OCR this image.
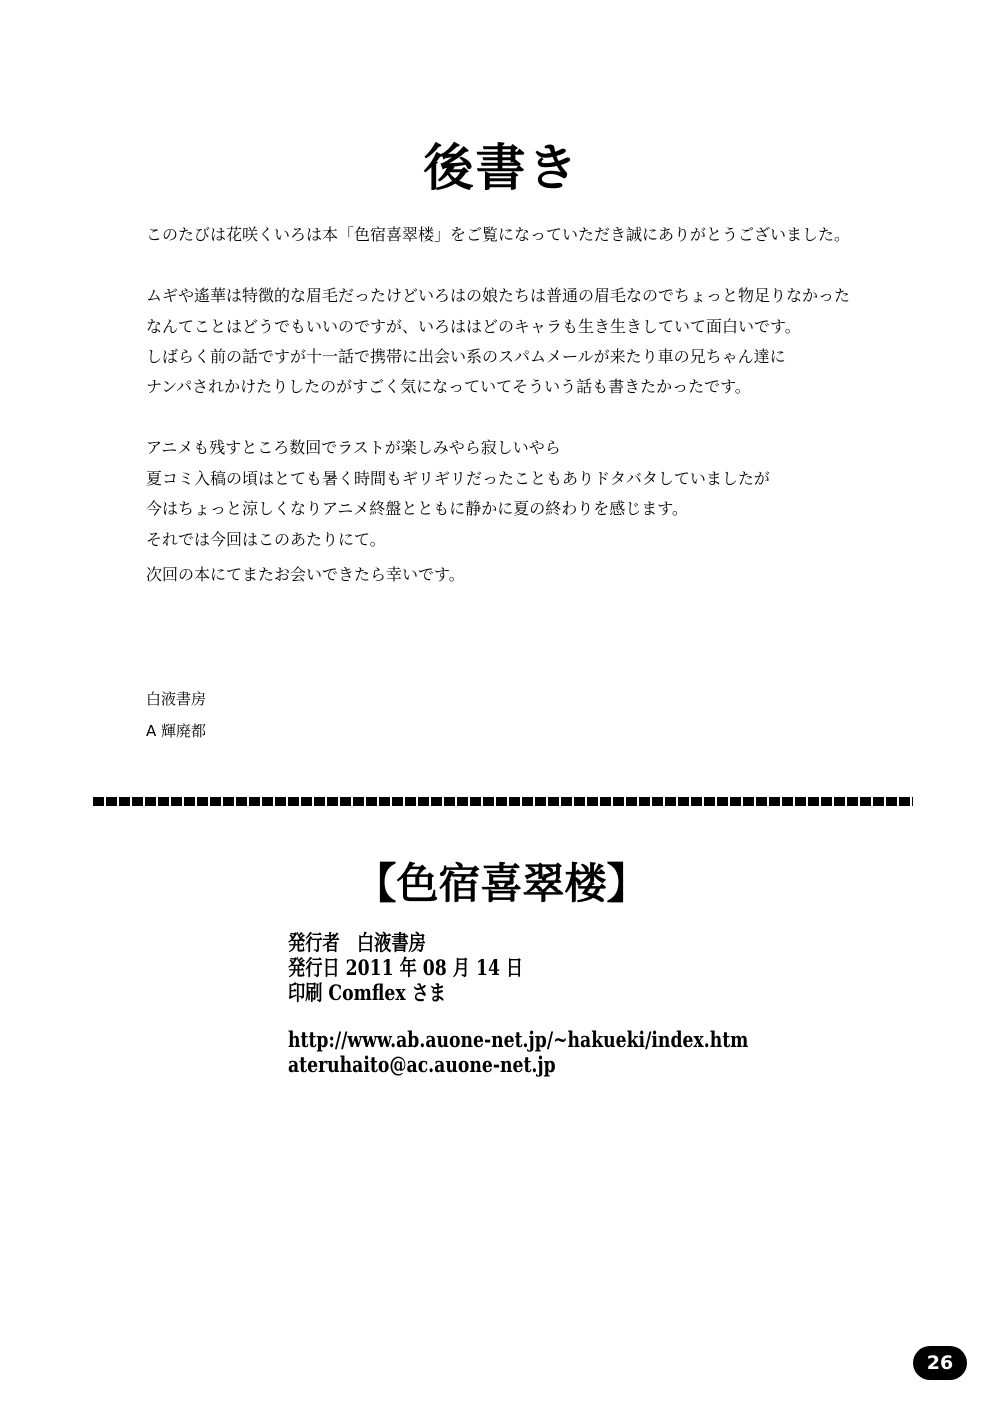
後書き
このたびは花咲くいろは本「色宿喜翠楼」をご覧になっていただき誠にありがとうございました。
ムギや遙華は特徴的な眉毛だったけどいろはの娘たちは普通の眉毛なのでちょっと物足りなかった
なんてことはどうでもいいのですが、いろははどのキャラも生き生きしていて面白いです。
しばらく前の話ですが十一話で携帯に出会い系のスパムメールが来たり車の兄ちゃん達に
ナンパされかけたりしたのがすごく気になっていてそういう話も書きたかったです。
アニメも残すところ数回でラストが楽しみやら寂しいやら
夏コミ入稿の頃はとても暑く時間もギリギリだったこともありドタバタしていましたが
今はちょっと涼しくなりアニメ終盤とともに静かに夏の終わりを感じます。
それでは今回はこのあたりにて。
次回の本にてまたお会いできたら幸いです。
白液書房
A 輝廃都
【色宿喜翠楼】
発行者　白液書房
発行日 2011 年 08 月 14 日
印刷 Comflex さま
http://www.ab.auone-net.jp/~hakueki/index.htm
ateruhaito@ac.auone-net.jp
26
